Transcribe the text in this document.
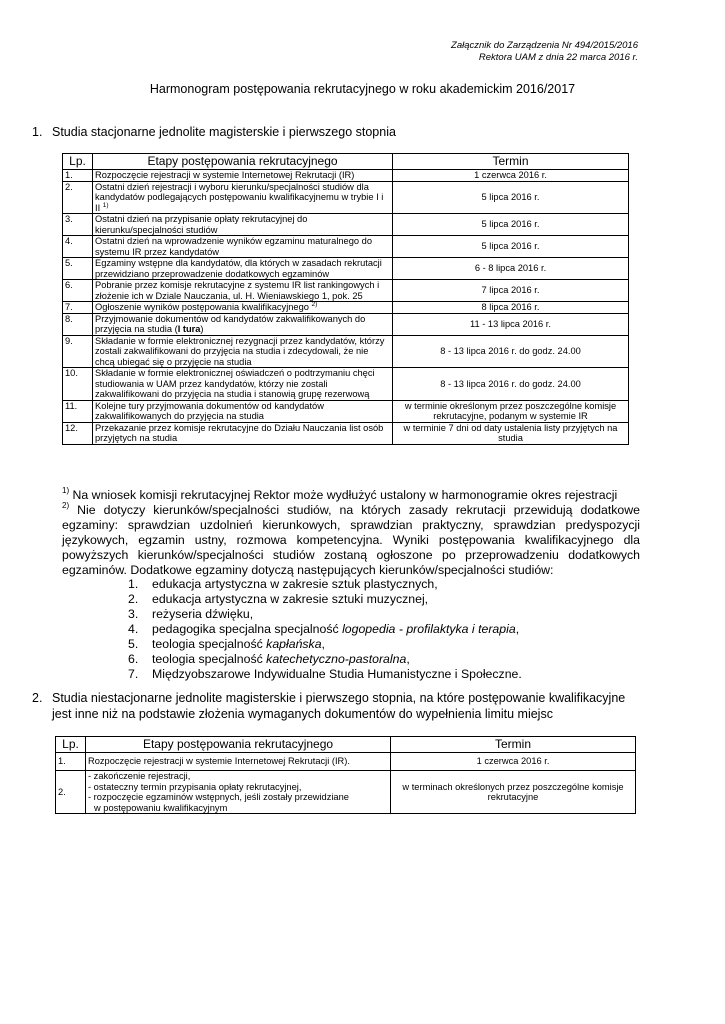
Załącznik do Zarządzenia Nr 494/2015/2016
Rektora UAM z dnia 22 marca 2016 r.
Harmonogram postępowania rekrutacyjnego w roku akademickim 2016/2017
1. Studia stacjonarne jednolite magisterskie i pierwszego stopnia
Lp.	Etapy postępowania rekrutacyjnego	Termin
1.	Rozpoczęcie rejestracji w systemie Internetowej Rekrutacji (IR)	1 czerwca 2016 r.
2.	Ostatni dzień rejestracji i wyboru kierunku/specjalności studiów dla kandydatów podlegających postępowaniu kwalifikacyjnemu w trybie I i II $^{1)}$	5 lipca 2016 r.
3.	Ostatni dzień na przypisanie opłaty rekrutacyjnej do kierunku/specjalności studiów	5 lipca 2016 r.
4.	Ostatni dzień na wprowadzenie wyników egzaminu maturalnego do systemu IR przez kandydatów	5 lipca 2016 r.
5.	Egzaminy wstępne dla kandydatów, dla których w zasadach rekrutacji przewidziano przeprowadzenie dodatkowych egzaminów	6 - 8 lipca 2016 r.
6.	Pobranie przez komisje rekrutacyjne z systemu IR list rankingowych i złożenie ich w Dziale Nauczania, ul. H. Wieniawskiego 1, pok. 25	7 lipca 2016 r.
7.	Ogłoszenie wyników postępowania kwalifikacyjnego $^{2)}$	8 lipca 2016 r.
8.	Przyjmowanie dokumentów od kandydatów zakwalifikowanych do przyjęcia na studia (I tura)	11 - 13 lipca 2016 r.
9.	Składanie w formie elektronicznej rezygnacji przez kandydatów, którzy zostali zakwalifikowani do przyjęcia na studia i zdecydowali, że nie chcą ubiegać się o przyjęcie na studia	8 - 13 lipca 2016 r. do godz. 24.00
10.	Składanie w formie elektronicznej oświadczeń o podtrzymaniu chęci studiowania w UAM przez kandydatów, którzy nie zostali zakwalifikowani do przyjęcia na studia i stanowią grupę rezerwową	8 - 13 lipca 2016 r. do godz. 24.00
11.	Kolejne tury przyjmowania dokumentów od kandydatów zakwalifikowanych do przyjęcia na studia	w terminie określonym przez poszczególne komisje rekrutacyjne, podanym w systemie IR
12.	Przekazanie przez komisje rekrutacyjne do Działu Nauczania list osób przyjętych na studia	w terminie 7 dni od daty ustalenia listy przyjętych na studia

$^{1)}$ Na wniosek komisji rekrutacyjnej Rektor może wydłużyć ustalony w harmonogramie okres rejestracji

$^{2)}$ Nie dotyczy kierunków/specjalności studiów, na których zasady rekrutacji przewidują dodatkowe egzaminy: sprawdzian uzdolnień kierunkowych, sprawdzian praktyczny, sprawdzian predyspozycji językowych, egzamin ustny, rozmowa kompetencyjna. Wyniki postępowania kwalifikacyjnego dla powyższych kierunków/specjalności studiów zostaną ogłoszone po przeprowadzeniu dodatkowych egzaminów. Dodatkowe egzaminy dotyczą następujących kierunków/specjalności studiów:

1. edukacja artystyczna w zakresie sztuk plastycznych,
2. edukacja artystyczna w zakresie sztuki muzycznej,
3. reżyseria dźwięku,
4. pedagogika specjalna specjalność logopedia - profilaktyka i terapia,
5. teologia specjalność kapłańska,
6. teologia specjalność katechetyczno-pastoralna,
7. Międzyobszarowe Indywidualne Studia Humanistyczne i Społeczne.
2. Studia niestacjonarne jednolite magisterskie i pierwszego stopnia, na które postępowanie kwalifikacyjne
jest inne niż na podstawie złożenia wymaganych dokumentów do wypełnienia limitu miejsc
Lp.	Etapy postępowania rekrutacyjnego	Termin
1.	Rozpoczęcie rejestracji w systemie Internetowej Rekrutacji (IR).	1 czerwca 2016 r.
2.	- zakończenie rejestracji,
- ostateczny termin przypisania opłaty rekrutacyjnej,
- rozpoczęcie egzaminów wstępnych, jeśli zostały przewidziane
w postępowaniu kwalifikacyjnym	w terminach określonych przez poszczególne komisje rekrutacyjne
